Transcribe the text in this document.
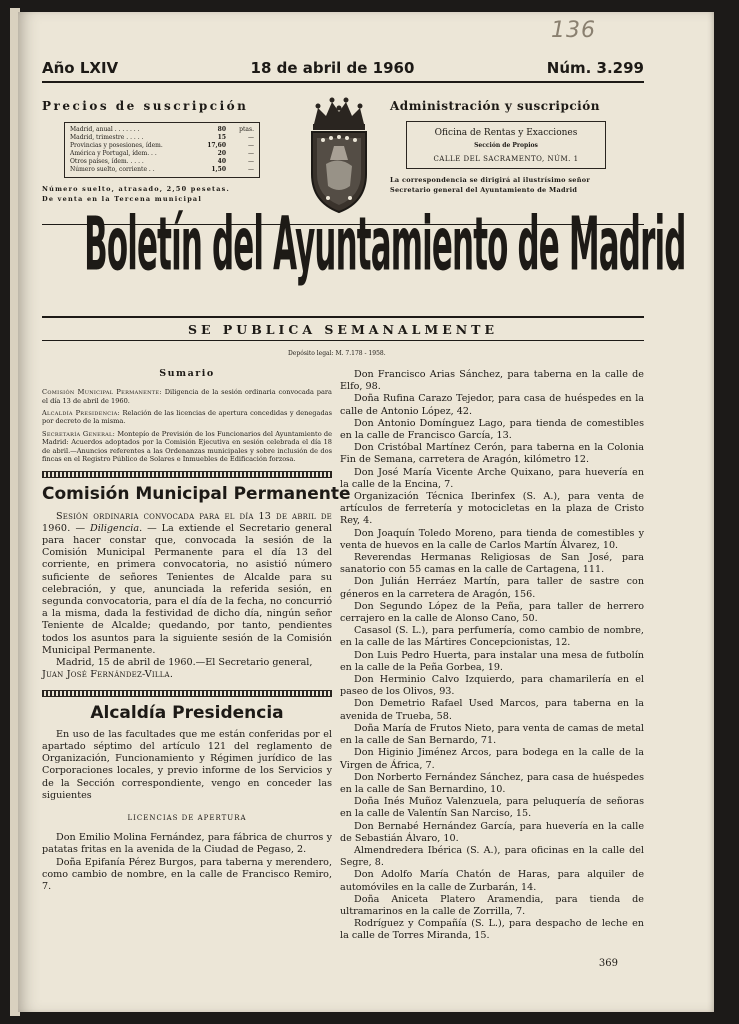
136
Año LXIV	18 de abril de 1960	Núm. 3.299
Precios de suscripción
Madrid, anual . . . . . . .	80	ptas.
Madrid, trimestre . . . . .	15	—
Provincias y posesiones, ídem.	17,60	—
América y Portugal, ídem. . .	20	—
Otros países, ídem. . . . .	40	—
Número suelto, corriente . .	1,50	—
Número suelto, atrasado, 2,50 pesetas.
De venta en la Tercena municipal
Administración y suscripción
Oficina de Rentas y Exacciones
Sección de Propios
CALLE DEL SACRAMENTO, NÚM. 1
La correspondencia se dirigirá al ilustrísimo señor
Secretario general del Ayuntamiento de Madrid
Boletín del Ayuntamiento de Madrid
SE PUBLICA SEMANALMENTE
Depósito legal: M. 7.178 - 1958.
Sumario

Comisión Municipal Permanente: Diligencia de la sesión ordinaria convocada para el día 13 de abril de 1960.

Alcaldía Presidencia: Relación de las licencias de apertura concedidas y denegadas por decreto de la misma.

Secretaría General: Montepío de Previsión de los Funcionarios del Ayuntamiento de Madrid: Acuerdos adoptados por la Comisión Ejecutiva en sesión celebrada el día 18 de abril.—Anuncios referentes a las Ordenanzas municipales y sobre inclusión de dos fincas en el Registro Público de Solares e Inmuebles de Edificación forzosa.

Comisión Municipal Permanente

Sesión ordinaria convocada para el día 13 de abril de 1960. — Diligencia. — La extiende el Secretario general para hacer constar que, convocada la sesión de la Comisión Municipal Permanente para el día 13 del corriente, en primera convocatoria, no asistió número suficiente de señores Tenientes de Alcalde para su celebración, y que, anunciada la referida sesión, en segunda convocatoria, para el día de la fecha, no concurrió a la misma, dada la festividad de dicho día, ningún señor Teniente de Alcalde; quedando, por tanto, pendientes todos los asuntos para la siguiente sesión de la Comisión Municipal Permanente.

Madrid, 15 de abril de 1960.—El Secretario general,

Juan José Fernández-Villa.

Alcaldía Presidencia

En uso de las facultades que me están conferidas por el apartado séptimo del artículo 121 del reglamento de Organización, Funcionamiento y Régimen jurídico de las Corporaciones locales, y previo informe de los Servicios y de la Sección correspondiente, vengo en conceder las siguientes

LICENCIAS DE APERTURA

Don Emilio Molina Fernández, para fábrica de churros y patatas fritas en la avenida de la Ciudad de Pegaso, 2.

Doña Epifanía Pérez Burgos, para taberna y merendero, como cambio de nombre, en la calle de Francisco Remiro, 7.

Don Francisco Arias Sánchez, para taberna en la calle de Elfo, 98.

Doña Rufina Carazo Tejedor, para casa de huéspedes en la calle de Antonio López, 42.

Don Antonio Domínguez Lago, para tienda de comestibles en la calle de Francisco García, 13.

Don Cristóbal Martínez Cerón, para taberna en la Colonia Fin de Semana, carretera de Aragón, kilómetro 12.

Don José María Vicente Arche Quixano, para huevería en la calle de la Encina, 7.

Organización Técnica Iberinfex (S. A.), para venta de artículos de ferretería y motocicletas en la plaza de Cristo Rey, 4.

Don Joaquín Toledo Moreno, para tienda de comestibles y venta de huevos en la calle de Carlos Martín Álvarez, 10.

Reverendas Hermanas Religiosas de San José, para sanatorio con 55 camas en la calle de Cartagena, 111.

Don Julián Herráez Martín, para taller de sastre con géneros en la carretera de Aragón, 156.

Don Segundo López de la Peña, para taller de herrero cerrajero en la calle de Alonso Cano, 50.

Casasol (S. L.), para perfumería, como cambio de nombre, en la calle de las Mártires Concepcionistas, 12.

Don Luis Pedro Huerta, para instalar una mesa de futbolín en la calle de la Peña Gorbea, 19.

Don Herminio Calvo Izquierdo, para chamarilería en el paseo de los Olivos, 93.

Don Demetrio Rafael Used Marcos, para taberna en la avenida de Trueba, 58.

Doña María de Frutos Nieto, para venta de camas de metal en la calle de San Bernardo, 71.

Don Higinio Jiménez Arcos, para bodega en la calle de la Virgen de África, 7.

Don Norberto Fernández Sánchez, para casa de huéspedes en la calle de San Bernardino, 10.

Doña Inés Muñoz Valenzuela, para peluquería de señoras en la calle de Valentín San Narciso, 15.

Don Bernabé Hernández García, para huevería en la calle de Sebastián Álvaro, 10.

Almendredera Ibérica (S. A.), para oficinas en la calle del Segre, 8.

Don Adolfo María Chatón de Haras, para alquiler de automóviles en la calle de Zurbarán, 14.

Doña Aniceta Platero Aramendia, para tienda de ultramarinos en la calle de Zorrilla, 7.

Rodríguez y Compañía (S. L.), para despacho de leche en la calle de Torres Miranda, 15.

369
